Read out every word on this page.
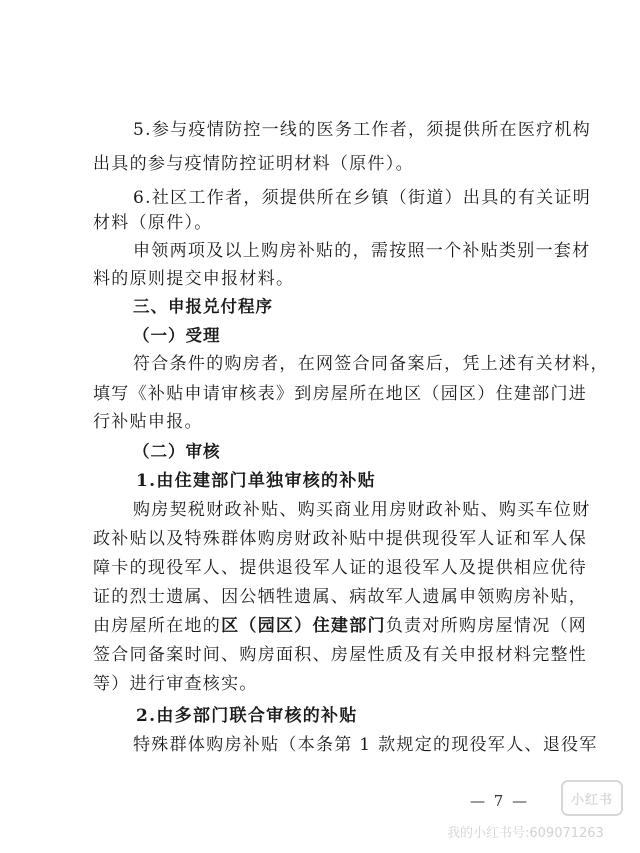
5.参与疫情防控一线的医务工作者，须提供所在医疗机构
出具的参与疫情防控证明材料（原件）。
6.社区工作者，须提供所在乡镇（街道）出具的有关证明
材料（原件）。
申领两项及以上购房补贴的，需按照一个补贴类别一套材
料的原则提交申报材料。
三、申报兑付程序
（一）受理
符合条件的购房者，在网签合同备案后，凭上述有关材料，
填写《补贴申请审核表》到房屋所在地区（园区）住建部门进
行补贴申报。
（二）审核
1.由住建部门单独审核的补贴
购房契税财政补贴、购买商业用房财政补贴、购买车位财
政补贴以及特殊群体购房财政补贴中提供现役军人证和军人保
障卡的现役军人、提供退役军人证的退役军人及提供相应优待
证的烈士遗属、因公牺牲遗属、病故军人遗属申领购房补贴，
由房屋所在地的区（园区）住建部门负责对所购房屋情况（网
签合同备案时间、购房面积、房屋性质及有关申报材料完整性
等）进行审查核实。
2.由多部门联合审核的补贴
特殊群体购房补贴（本条第 1 款规定的现役军人、退役军
— 7 —	小红书
我的小红书号:609071263
